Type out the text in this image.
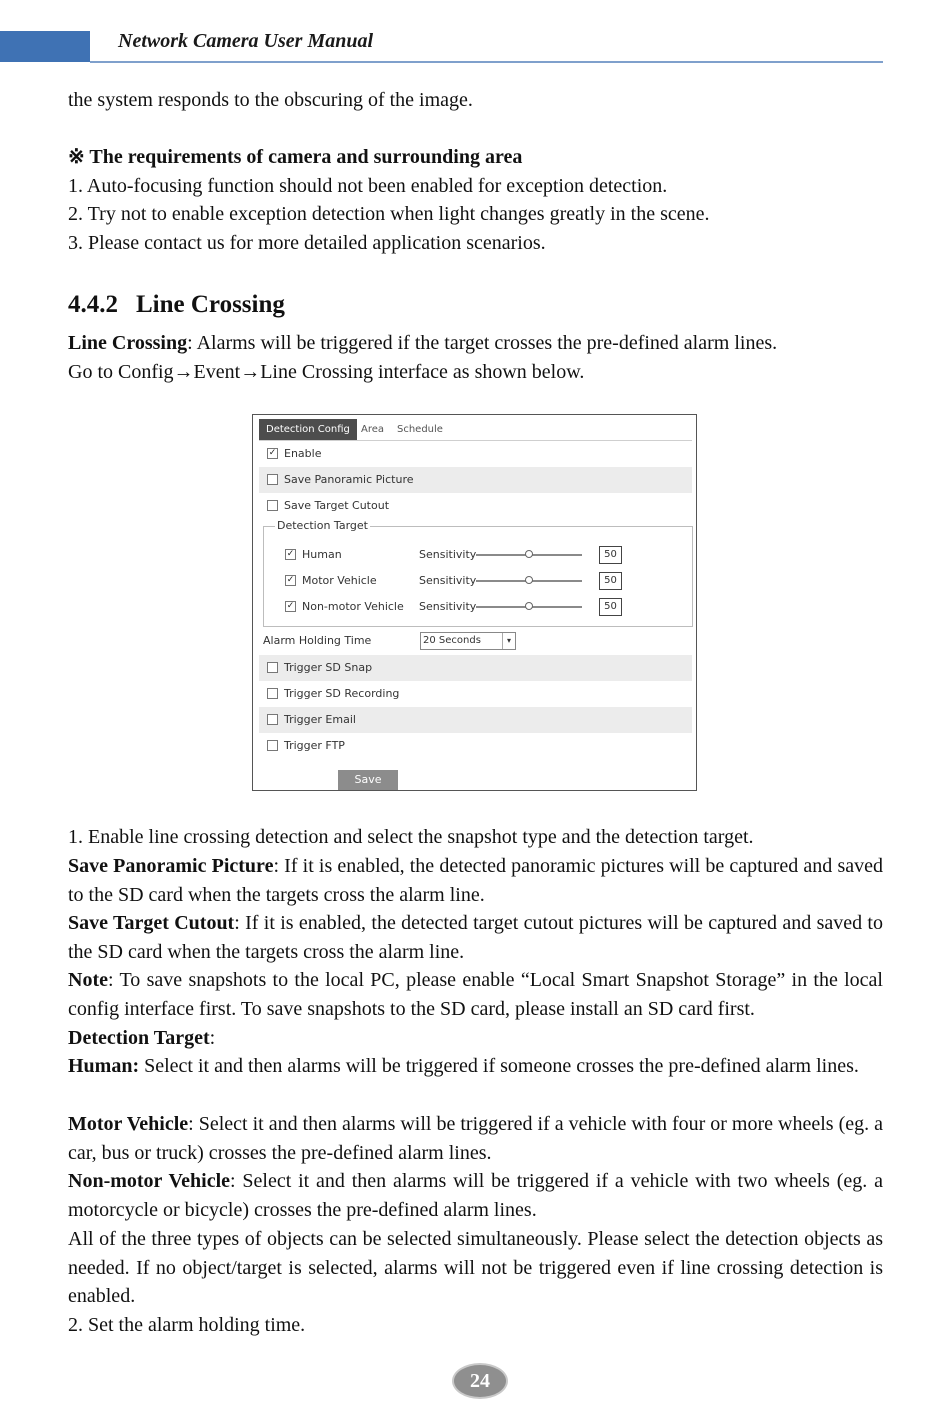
Network Camera User Manual
the system responds to the obscuring of the image.
※ The requirements of camera and surrounding area
1. Auto-focusing function should not been enabled for exception detection.
2. Try not to enable exception detection when light changes greatly in the scene.
3. Please contact us for more detailed application scenarios.
4.4.2 Line Crossing
Line Crossing: Alarms will be triggered if the target crosses the pre-defined alarm lines.
Go to Config→Event→Line Crossing interface as shown below.
Detection Config	Area Schedule
✓ Enable
Save Panoramic Picture
Save Target Cutout
Detection Target
✓ Human	Sensitivity	50
✓ Motor Vehicle	Sensitivity	50
✓ Non-motor Vehicle Sensitivity	50
Alarm Holding Time	20 Seconds	▾
Trigger SD Snap
Trigger SD Recording
Trigger Email
Trigger FTP
Save
1. Enable line crossing detection and select the snapshot type and the detection target.
Save Panoramic Picture: If it is enabled, the detected panoramic pictures will be captured and saved to the SD card when the targets cross the alarm line.
Save Target Cutout: If it is enabled, the detected target cutout pictures will be captured and saved to the SD card when the targets cross the alarm line.
Note: To save snapshots to the local PC, please enable “Local Smart Snapshot Storage” in the local config interface first. To save snapshots to the SD card, please install an SD card first.
Detection Target:
Human: Select it and then alarms will be triggered if someone crosses the pre-defined alarm lines.
Motor Vehicle: Select it and then alarms will be triggered if a vehicle with four or more wheels (eg. a car, bus or truck) crosses the pre-defined alarm lines.
Non-motor Vehicle: Select it and then alarms will be triggered if a vehicle with two wheels (eg. a motorcycle or bicycle) crosses the pre-defined alarm lines.
All of the three types of objects can be selected simultaneously. Please select the detection objects as needed. If no object/target is selected, alarms will not be triggered even if line crossing detection is enabled.
2. Set the alarm holding time.
24
